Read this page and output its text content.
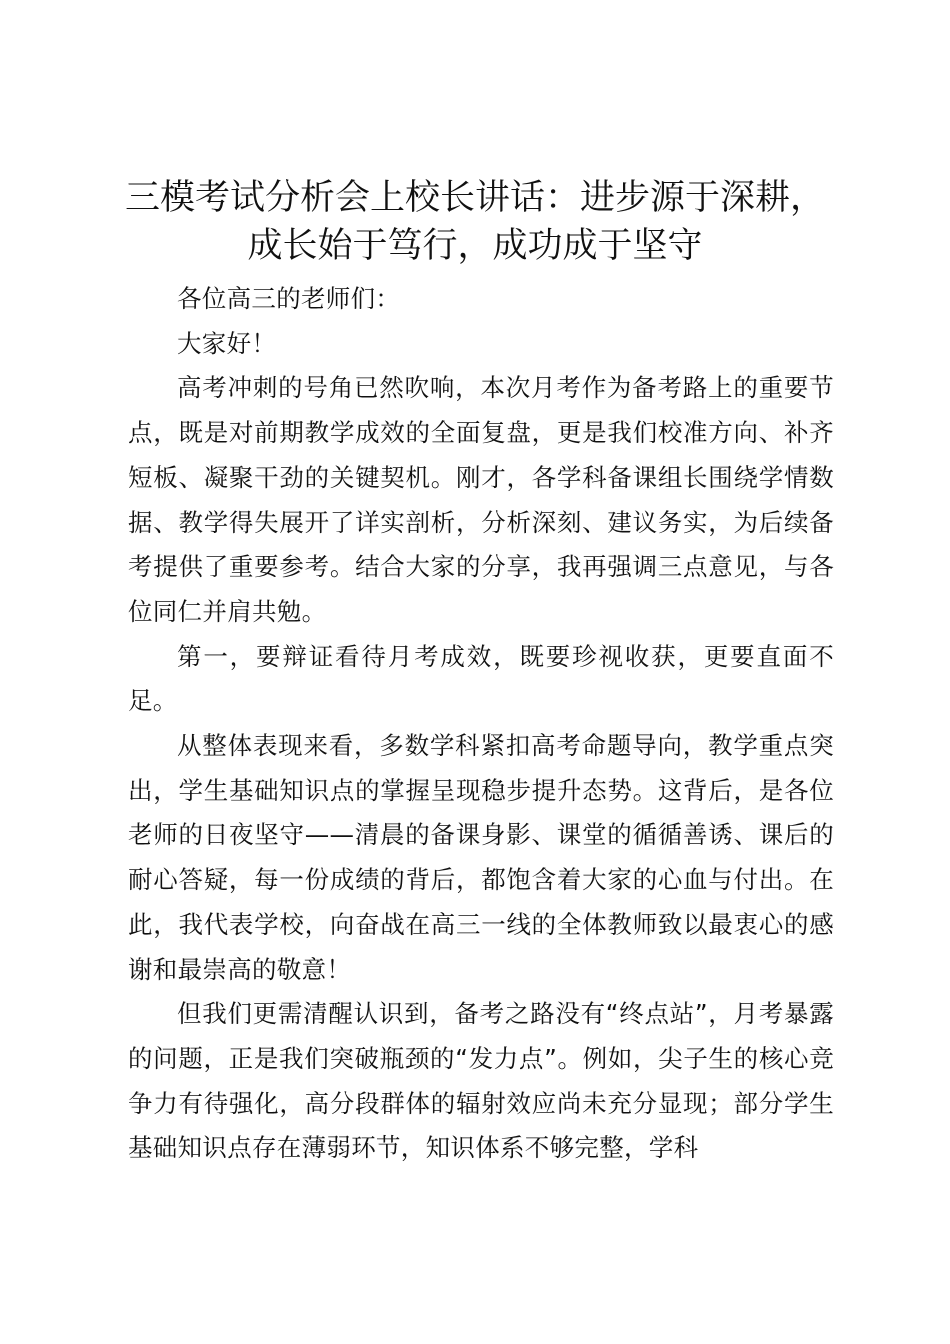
三模考试分析会上校长讲话：进步源于深耕，
成长始于笃行，成功成于坚守

各位高三的老师们：

大家好！

高考冲刺的号角已然吹响，本次月考作为备考路上的重要节点，既是对前期教学成效的全面复盘，更是我们校准方向、补齐短板、凝聚干劲的关键契机。刚才，各学科备课组长围绕学情数据、教学得失展开了详实剖析，分析深刻、建议务实，为后续备考提供了重要参考。结合大家的分享，我再强调三点意见，与各位同仁并肩共勉。

第一，要辩证看待月考成效，既要珍视收获，更要直面不足。

从整体表现来看，多数学科紧扣高考命题导向，教学重点突出，学生基础知识点的掌握呈现稳步提升态势。这背后，是各位老师的日夜坚守——清晨的备课身影、课堂的循循善诱、课后的耐心答疑，每一份成绩的背后，都饱含着大家的心血与付出。在此，我代表学校，向奋战在高三一线的全体教师致以最衷心的感谢和最崇高的敬意！

但我们更需清醒认识到，备考之路没有“终点站”，月考暴露的问题，正是我们突破瓶颈的“发力点”。例如，尖子生的核心竞争力有待强化，高分段群体的辐射效应尚未充分显现；部分学生基础知识点存在薄弱环节，知识体系不够完整，学科
